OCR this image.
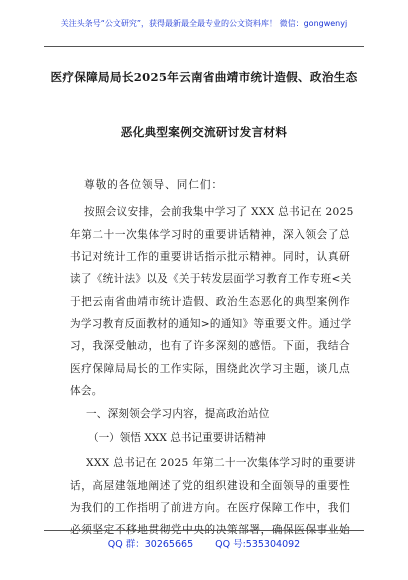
关注头条号“公文研究”，获得最新最全最专业的公文资料库！ 微信：gongwenyj
医疗保障局局长2025年云南省曲靖市统计造假、政治生态
恶化典型案例交流研讨发言材料
尊敬的各位领导、同仁们：
按照会议安排，会前我集中学习了 XXX 总书记在 2025
年第二十一次集体学习时的重要讲话精神，深入领会了总
书记对统计工作的重要讲话指示批示精神。同时，认真研
读了《统计法》以及《关于转发层面学习教育工作专班<关
于把云南省曲靖市统计造假、政治生态恶化的典型案例作
为学习教育反面教材的通知>的通知》等重要文件。通过学
习，我深受触动，也有了许多深刻的感悟。下面，我结合
医疗保障局局长的工作实际，围绕此次学习主题，谈几点
体会。
一、深刻领会学习内容，提高政治站位
（一）领悟 XXX 总书记重要讲话精神
XXX 总书记在 2025 年第二十一次集体学习时的重要讲
话，高屋建瓴地阐述了党的组织建设和全面领导的重要性
为我们的工作指明了前进方向。在医疗保障工作中，我们
必须坚定不移地贯彻党中央的决策部署，确保医保事业始
QQ 群：30265665 QQ 号:535304092
